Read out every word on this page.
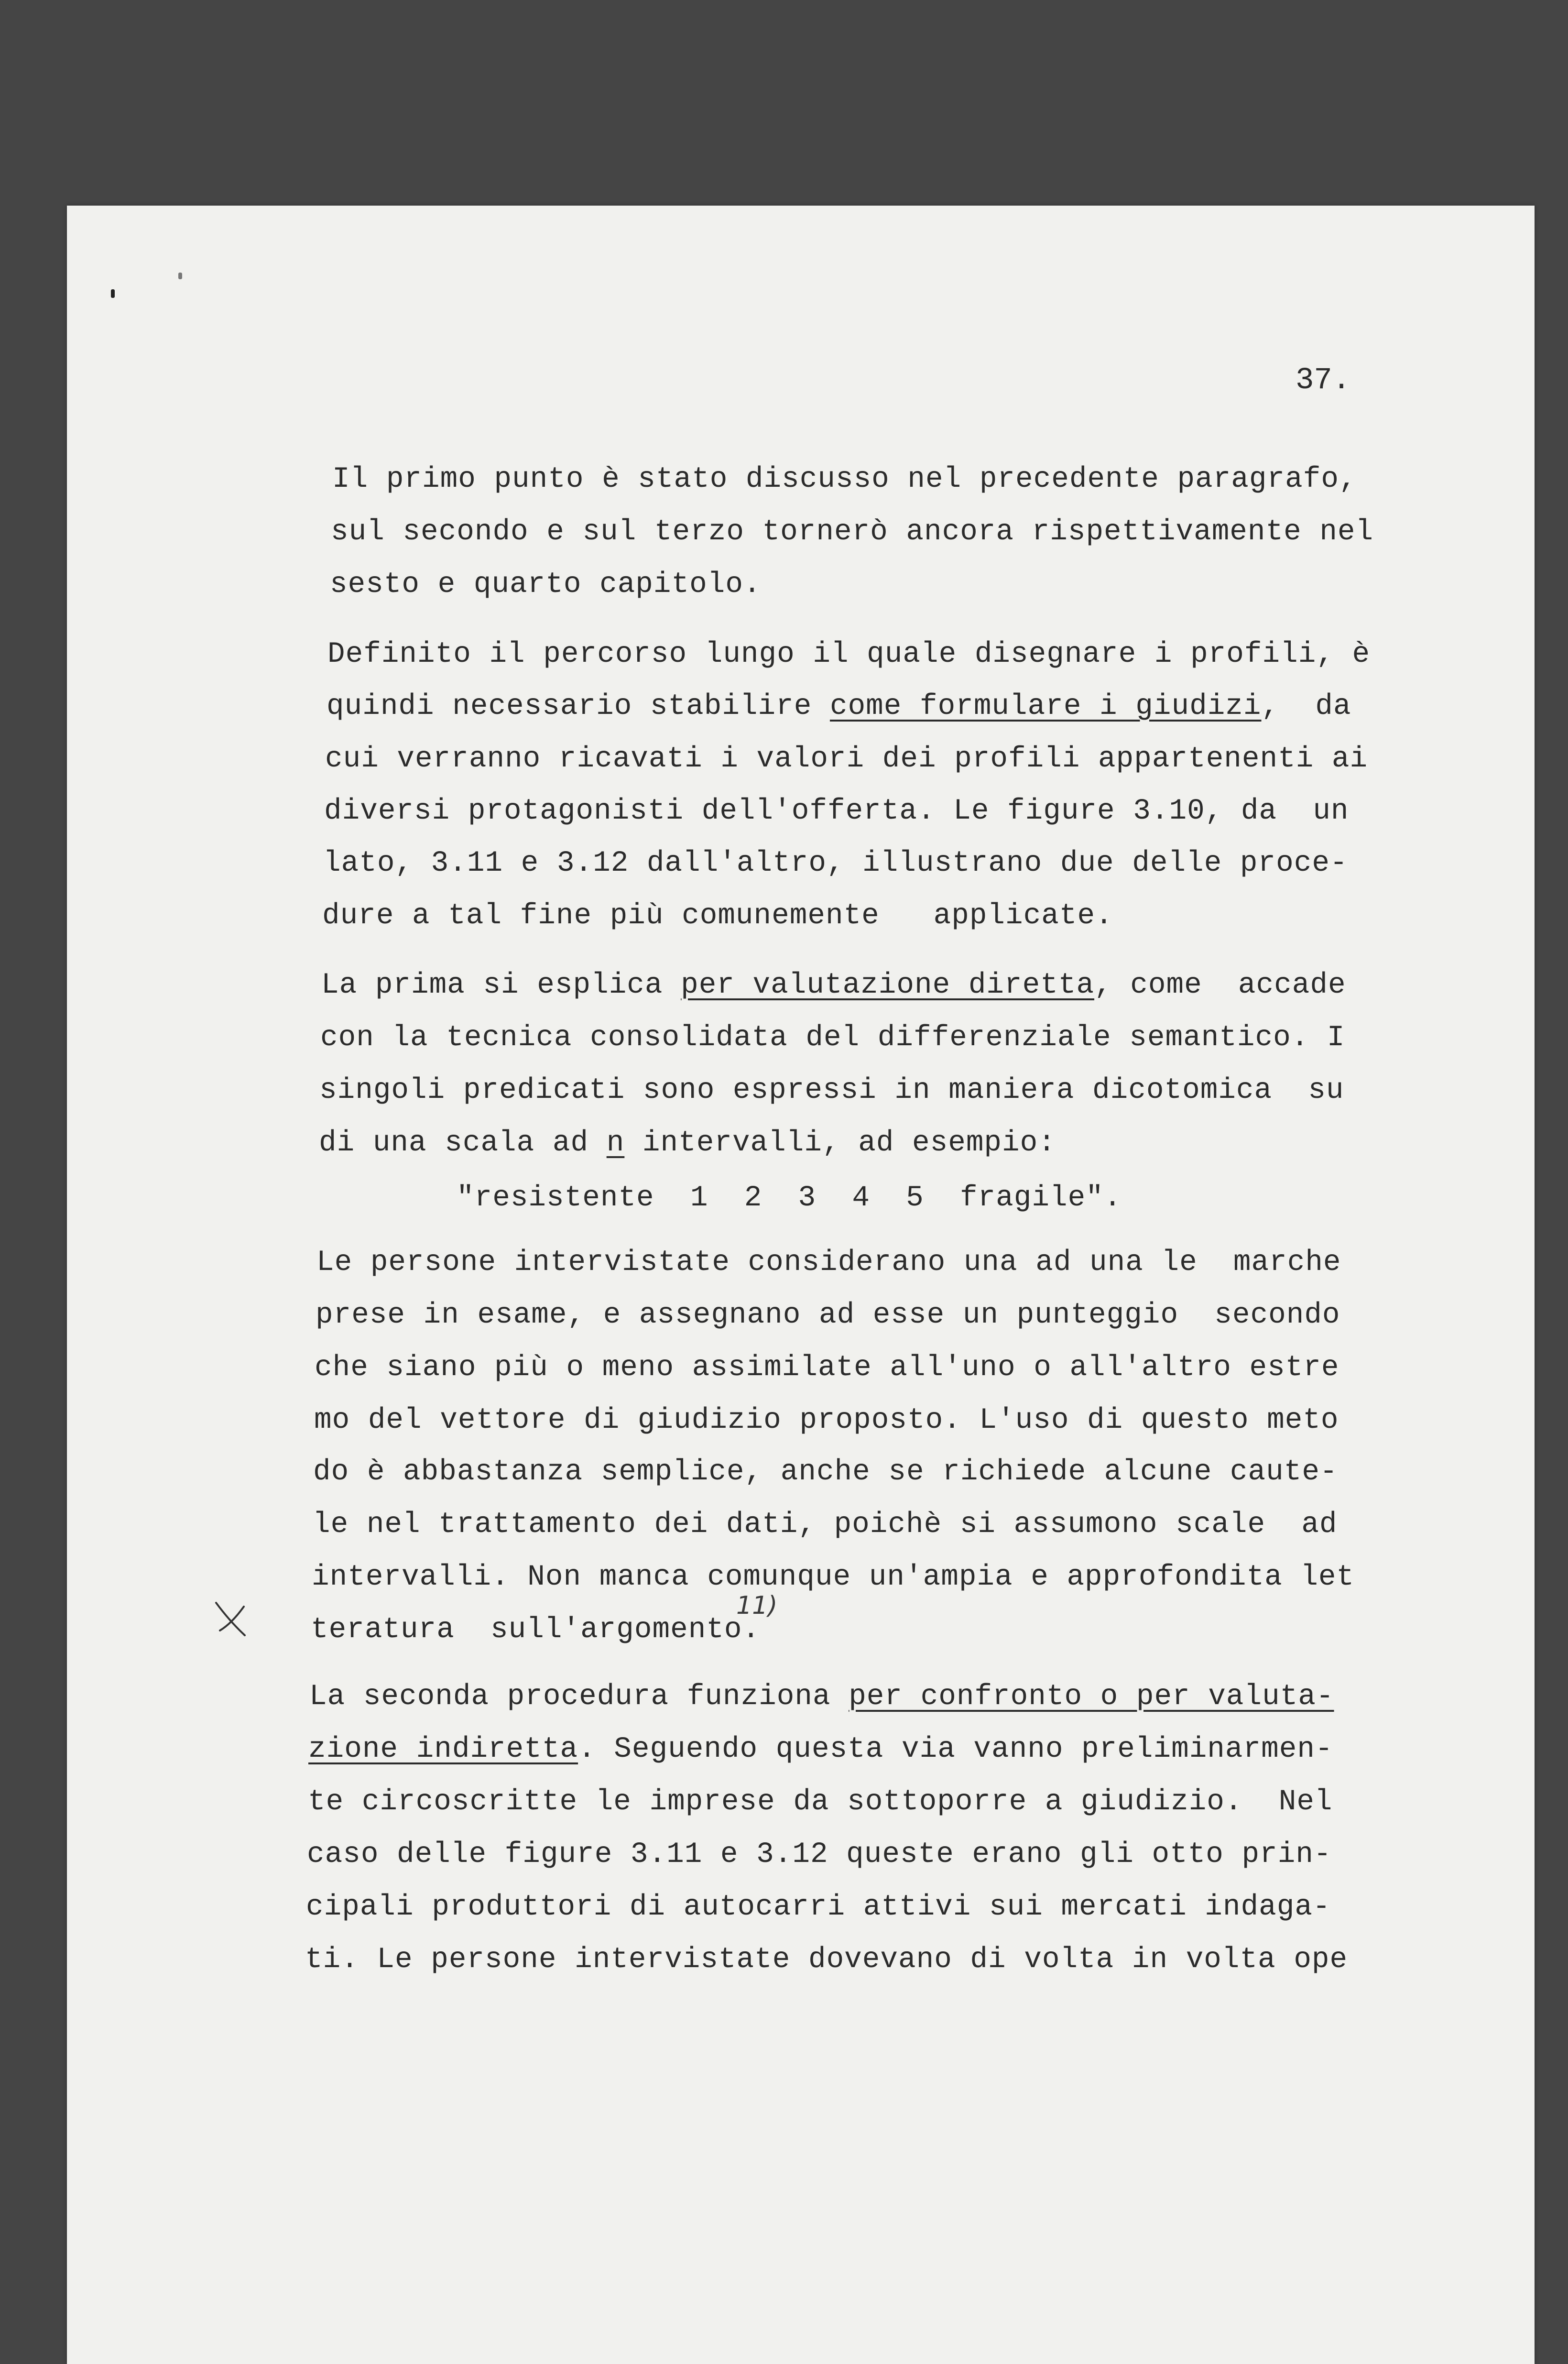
37.
Il primo punto è stato discusso nel precedente paragrafo,
sul secondo e sul terzo tornerò ancora rispettivamente nel
sesto e quarto capitolo.
Definito il percorso lungo il quale disegnare i profili, è
quindi necessario stabilire come formulare i giudizi,  da
cui verranno ricavati i valori dei profili appartenenti ai
diversi protagonisti dell'offerta. Le figure 3.10, da  un
lato, 3.11 e 3.12 dall'altro, illustrano due delle proce-
dure a tal fine più comunemente   applicate.
La prima si esplica per valutazione diretta, come  accade
con la tecnica consolidata del differenziale semantico. I
singoli predicati sono espressi in maniera dicotomica  su
di una scala ad n intervalli, ad esempio:
"resistente  1  2  3  4  5  fragile".
Le persone intervistate considerano una ad una le  marche
prese in esame, e assegnano ad esse un punteggio  secondo
che siano più o meno assimilate all'uno o all'altro estre
mo del vettore di giudizio proposto. L'uso di questo meto
do è abbastanza semplice, anche se richiede alcune caute-
le nel trattamento dei dati, poichè si assumono scale  ad
intervalli. Non manca comunque un'ampia e approfondita let
teratura  sull'argomento.
11)
La seconda procedura funziona per confronto o per valuta-
zione indiretta. Seguendo questa via vanno preliminarmen-
te circoscritte le imprese da sottoporre a giudizio.  Nel
caso delle figure 3.11 e 3.12 queste erano gli otto prin-
cipali produttori di autocarri attivi sui mercati indaga-
ti. Le persone intervistate dovevano di volta in volta ope
